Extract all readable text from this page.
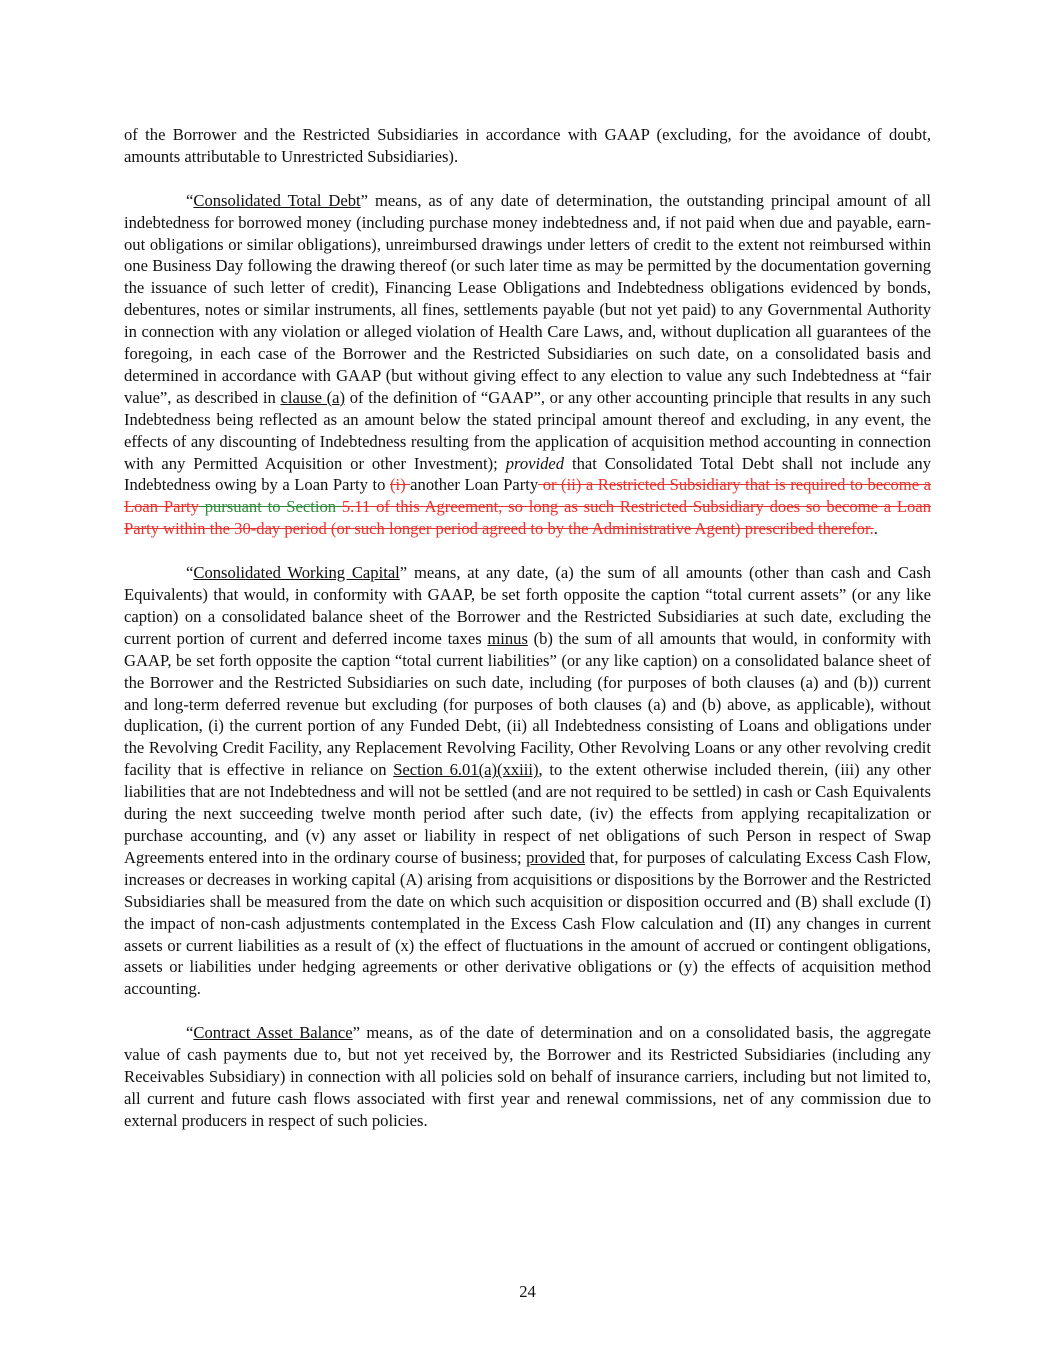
of the Borrower and the Restricted Subsidiaries in accordance with GAAP (excluding, for the avoidance of doubt, amounts attributable to Unrestricted Subsidiaries).

“Consolidated Total Debt” means, as of any date of determination, the outstanding principal amount of all indebtedness for borrowed money (including purchase money indebtedness and, if not paid when due and payable, earn-out obligations or similar obligations), unreimbursed drawings under letters of credit to the extent not reimbursed within one Business Day following the drawing thereof (or such later time as may be permitted by the documentation governing the issuance of such letter of credit), Financing Lease Obligations and Indebtedness obligations evidenced by bonds, debentures, notes or similar instruments, all fines, settlements payable (but not yet paid) to any Governmental Authority in connection with any violation or alleged violation of Health Care Laws, and, without duplication all guarantees of the foregoing, in each case of the Borrower and the Restricted Subsidiaries on such date, on a consolidated basis and determined in accordance with GAAP (but without giving effect to any election to value any such Indebtedness at “fair value”, as described in clause (a) of the definition of “GAAP”, or any other accounting principle that results in any such Indebtedness being reflected as an amount below the stated principal amount thereof and excluding, in any event, the effects of any discounting of Indebtedness resulting from the application of acquisition method accounting in connection with any Permitted Acquisition or other Investment); provided that Consolidated Total Debt shall not include any Indebtedness owing by a Loan Party to (i) another Loan Party or (ii) a Restricted Subsidiary that is required to become a Loan Party pursuant to Section 5.11 of this Agreement, so long as such Restricted Subsidiary does so become a Loan Party within the 30-day period (or such longer period agreed to by the Administrative Agent) prescribed therefor..

“Consolidated Working Capital” means, at any date, (a) the sum of all amounts (other than cash and Cash Equivalents) that would, in conformity with GAAP, be set forth opposite the caption “total current assets” (or any like caption) on a consolidated balance sheet of the Borrower and the Restricted Subsidiaries at such date, excluding the current portion of current and deferred income taxes minus (b) the sum of all amounts that would, in conformity with GAAP, be set forth opposite the caption “total current liabilities” (or any like caption) on a consolidated balance sheet of the Borrower and the Restricted Subsidiaries on such date, including (for purposes of both clauses (a) and (b)) current and long-term deferred revenue but excluding (for purposes of both clauses (a) and (b) above, as applicable), without duplication, (i) the current portion of any Funded Debt, (ii) all Indebtedness consisting of Loans and obligations under the Revolving Credit Facility, any Replacement Revolving Facility, Other Revolving Loans or any other revolving credit facility that is effective in reliance on Section 6.01(a)(xxiii), to the extent otherwise included therein, (iii) any other liabilities that are not Indebtedness and will not be settled (and are not required to be settled) in cash or Cash Equivalents during the next succeeding twelve month period after such date, (iv) the effects from applying recapitalization or purchase accounting, and (v) any asset or liability in respect of net obligations of such Person in respect of Swap Agreements entered into in the ordinary course of business; provided that, for purposes of calculating Excess Cash Flow, increases or decreases in working capital (A) arising from acquisitions or dispositions by the Borrower and the Restricted Subsidiaries shall be measured from the date on which such acquisition or disposition occurred and (B) shall exclude (I) the impact of non-cash adjustments contemplated in the Excess Cash Flow calculation and (II) any changes in current assets or current liabilities as a result of (x) the effect of fluctuations in the amount of accrued or contingent obligations, assets or liabilities under hedging agreements or other derivative obligations or (y) the effects of acquisition method accounting.

“Contract Asset Balance” means, as of the date of determination and on a consolidated basis, the aggregate value of cash payments due to, but not yet received by, the Borrower and its Restricted Subsidiaries (including any Receivables Subsidiary) in connection with all policies sold on behalf of insurance carriers, including but not limited to, all current and future cash flows associated with first year and renewal commissions, net of any commission due to external producers in respect of such policies.

24
